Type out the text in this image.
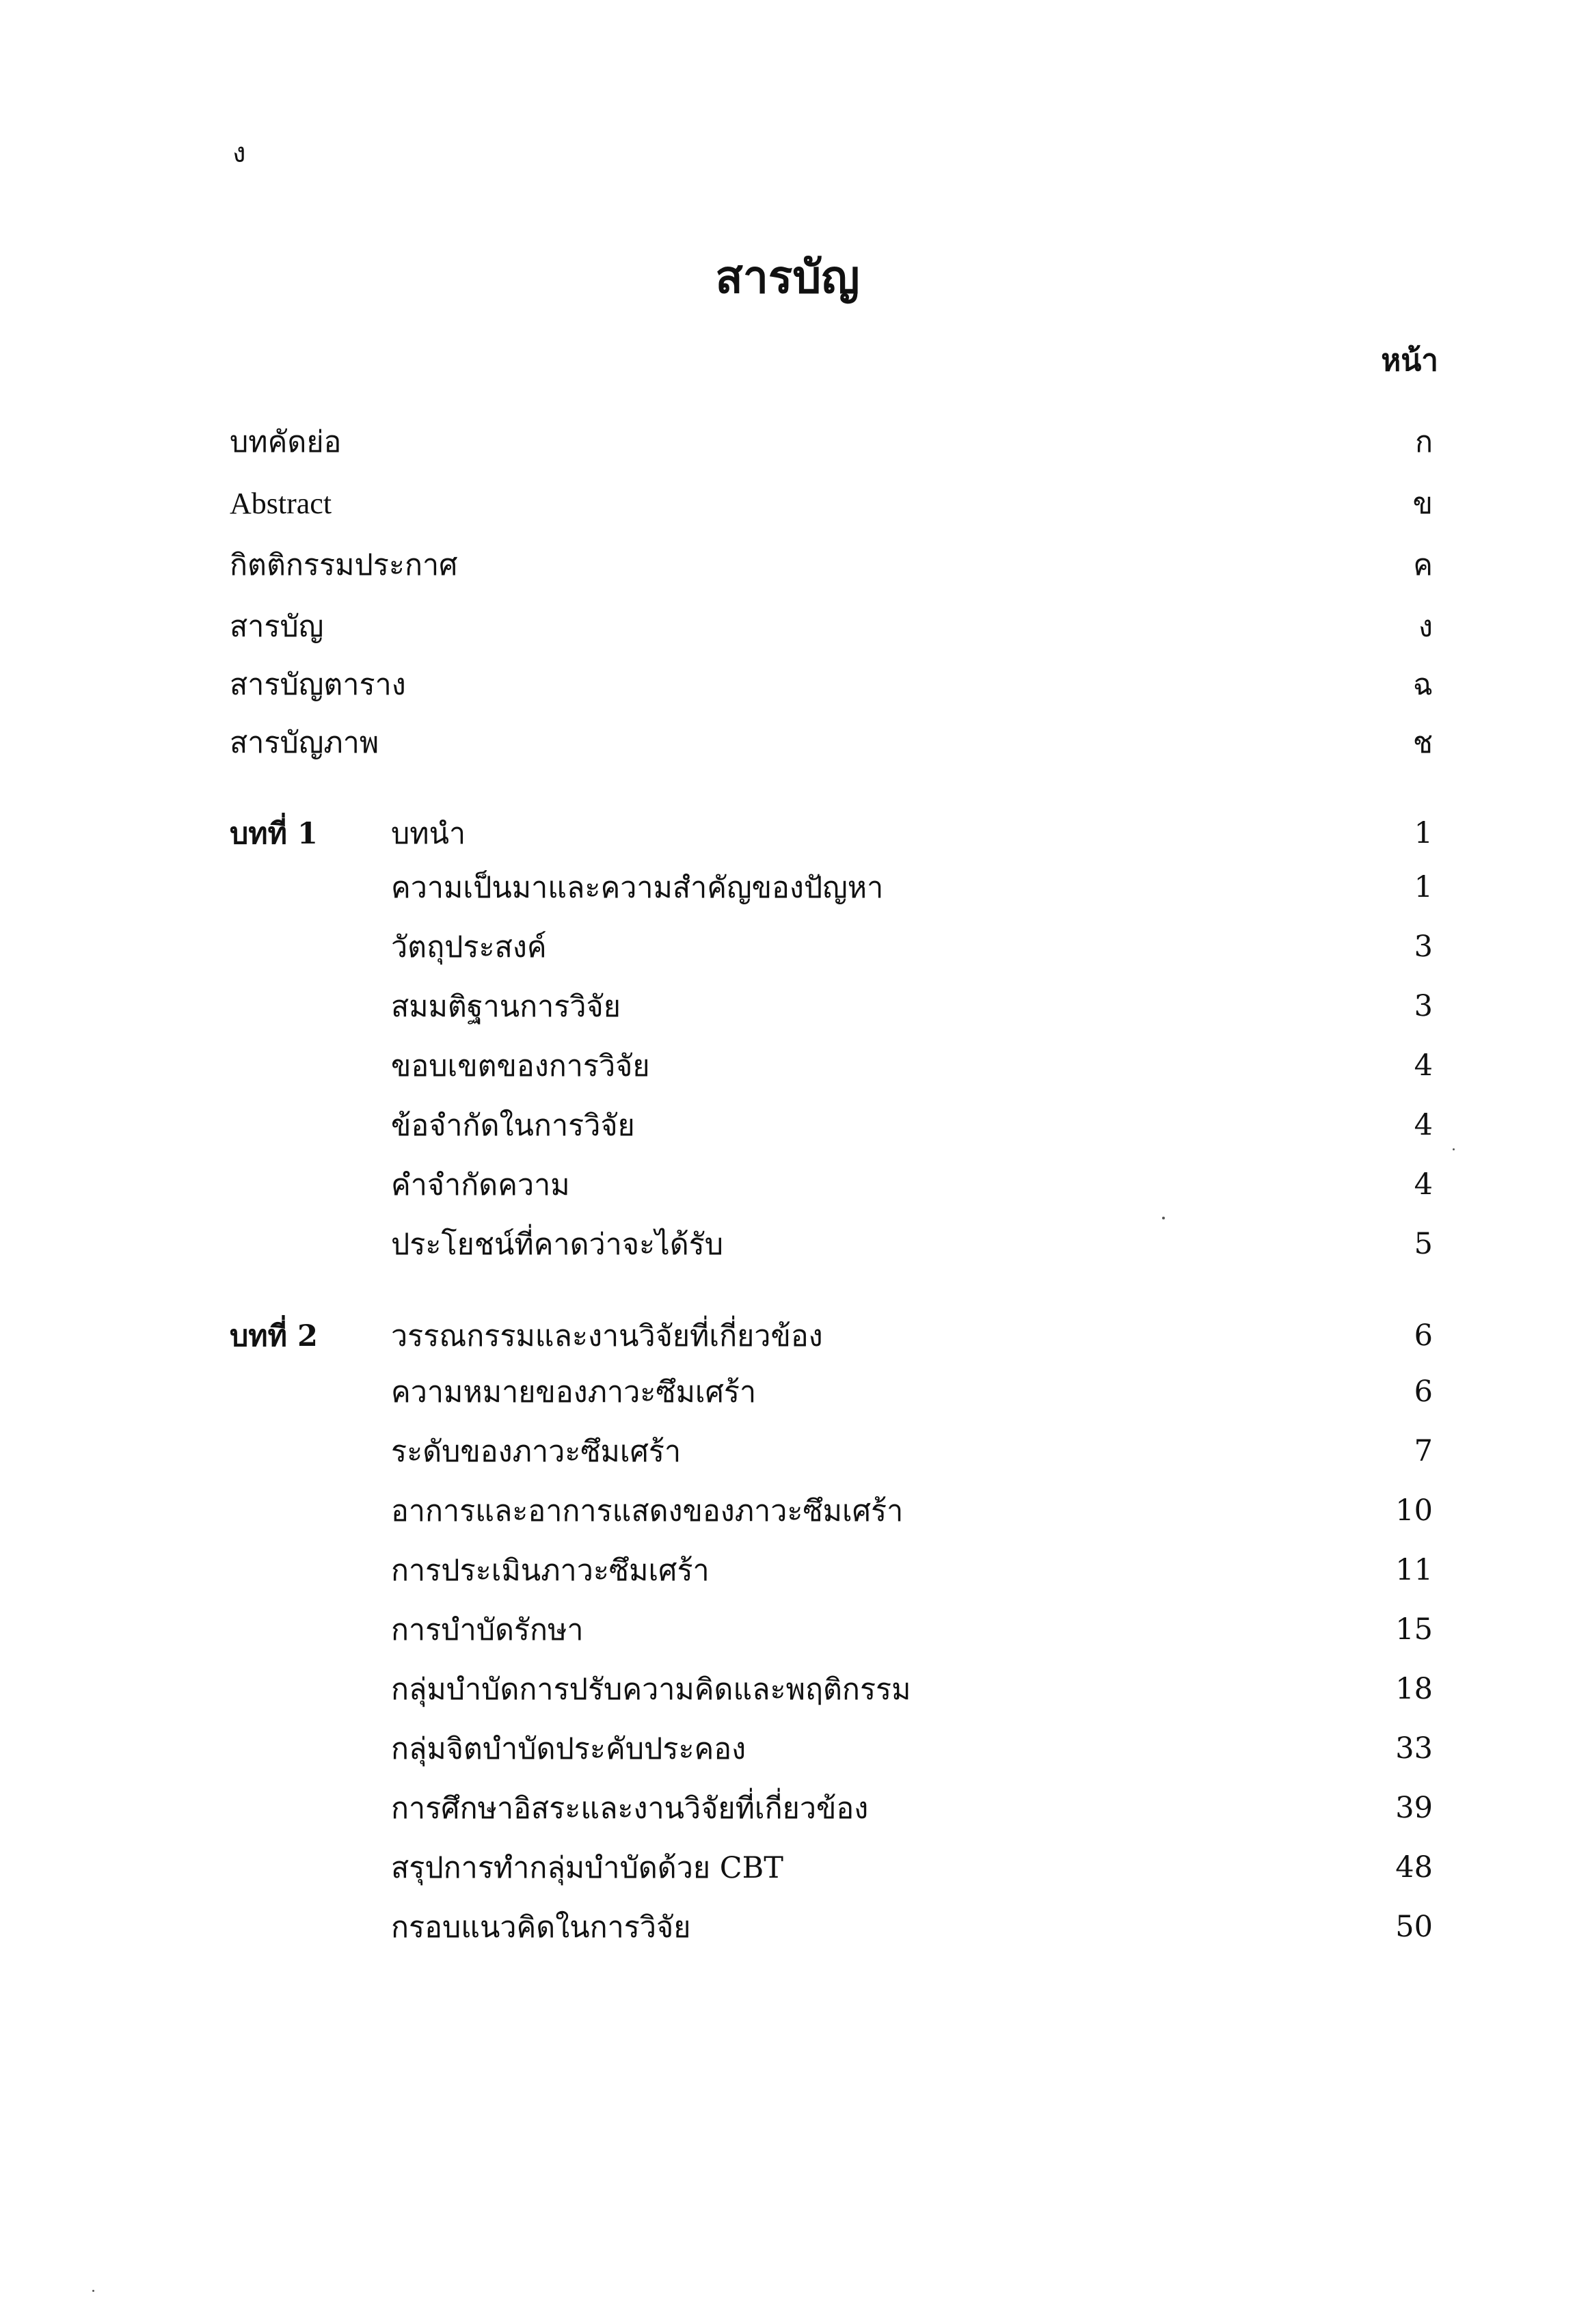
ง
สารบัญ
หน้า
บทคัดย่อ	ก
Abstract	ข
กิตติกรรมประกาศ	ค
สารบัญ	ง
สารบัญตาราง	ฉ
สารบัญภาพ	ช
บทที่ 1	บทนำ	1
ความเป็นมาและความสำคัญของปัญหา	1
วัตถุประสงค์	3
สมมติฐานการวิจัย	3
ขอบเขตของการวิจัย	4
ข้อจำกัดในการวิจัย	4
คำจำกัดความ	4
ประโยชน์ที่คาดว่าจะได้รับ	5
บทที่ 2	วรรณกรรมและงานวิจัยที่เกี่ยวข้อง	6
ความหมายของภาวะซึมเศร้า	6
ระดับของภาวะซึมเศร้า	7
อาการและอาการแสดงของภาวะซึมเศร้า	10
การประเมินภาวะซึมเศร้า	11
การบำบัดรักษา	15
กลุ่มบำบัดการปรับความคิดและพฤติกรรม	18
กลุ่มจิตบำบัดประคับประคอง	33
การศึกษาอิสระและงานวิจัยที่เกี่ยวข้อง	39
สรุปการทำกลุ่มบำบัดด้วย CBT	48
กรอบแนวคิดในการวิจัย	50
